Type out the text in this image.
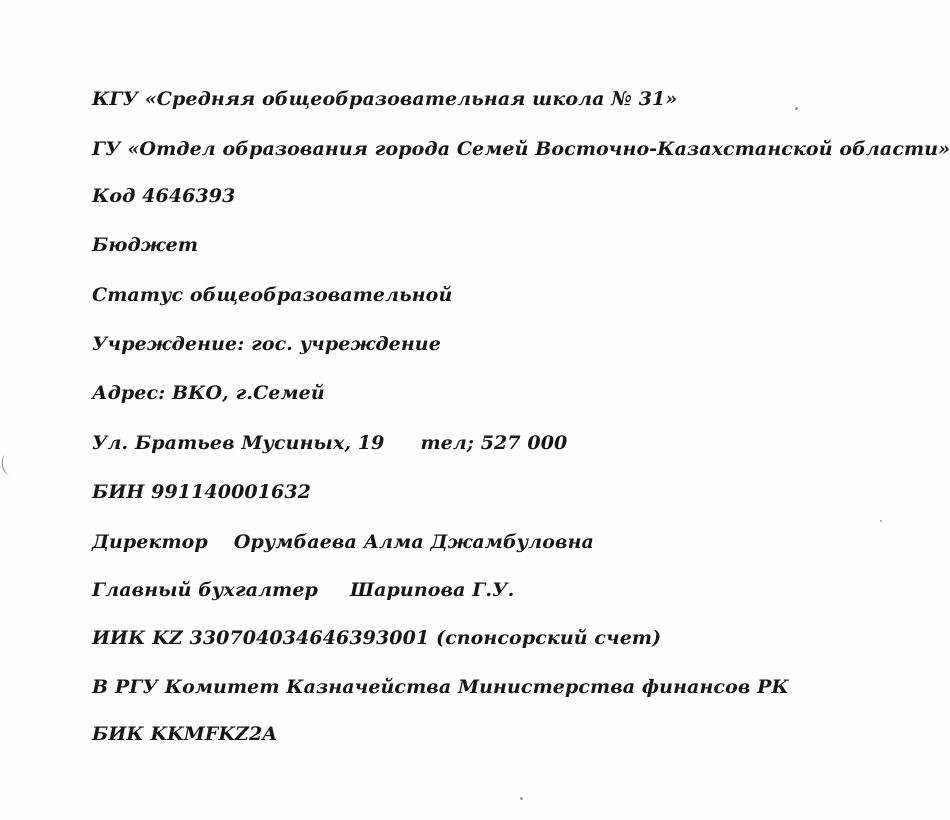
КГУ «Средняя общеобразовательная школа № 31»
ГУ «Отдел образования города Семей Восточно-Казахстанской области»
Код 4646393
Бюджет
Статус общеобразовательной
Учреждение: гос. учреждение
Адрес: ВКО, г.Семей
Ул. Братьев Мусиных, 19 тел; 527 000
БИН 991140001632
Директор Орумбаева Алма Джамбуловна
Главный бухгалтер Шарипова Г.У.
ИИК KZ 330704034646393001 (спонсорский счет)
В РГУ Комитет Казначейства Министерства финансов РК
БИК KKMFKZ2A
